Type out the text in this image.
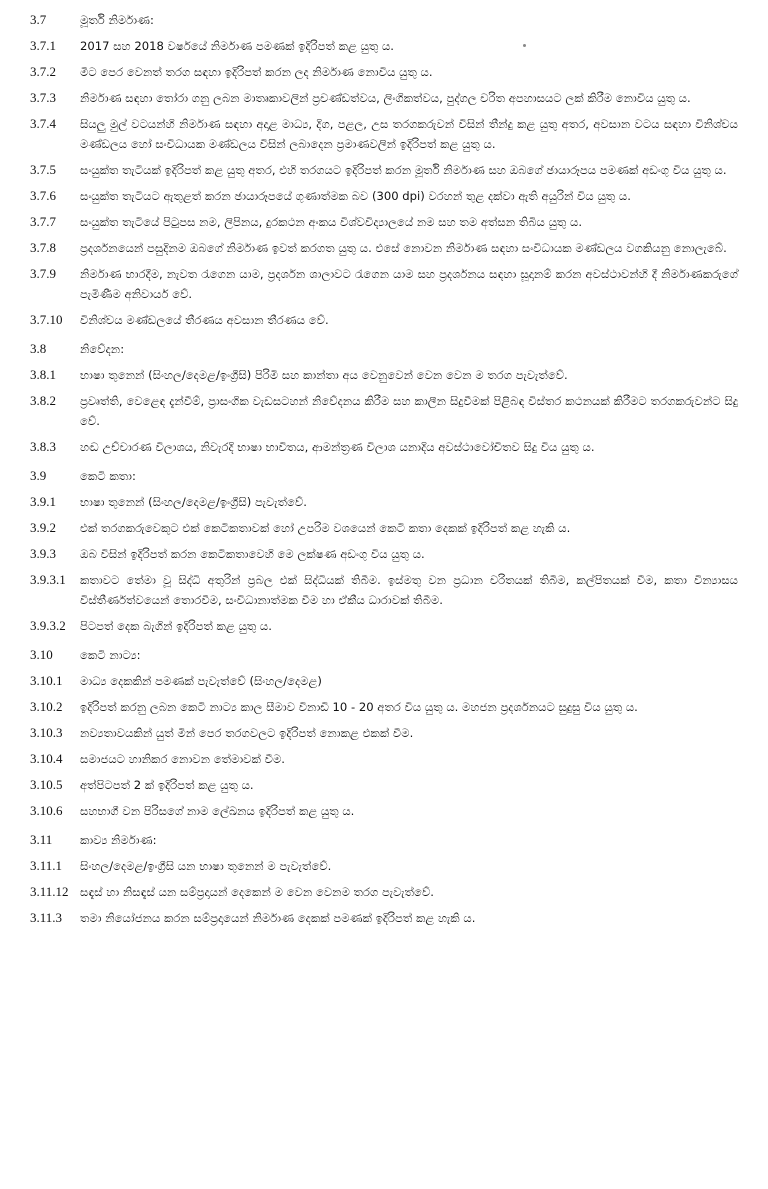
3.7	මූර්ති නිර්මාණ:
3.7.1	2017 සහ 2018 වර්ෂයේ නිර්මාණ පමණක් ඉදිරිපත් කළ යුතු ය.
3.7.2	මීට පෙර වෙනත් තරග සඳහා ඉදිරිපත් කරන ලද නිර්මාණ නොවිය යුතු ය.
3.7.3	නිර්මාණ සඳහා තෝරා ගනු ලබන මාතෘකාවලින් ප්‍රචණ්ඩත්වය, ලිංගිකත්වය, පුද්ගල චරිත අපහාසයට ලක් කිරීම නොවිය යුතු ය.
3.7.4	සියලු මුල් වටයන්හි නිර්මාණ සඳහා අදාළ මාධ්‍ය, දිග, පළල, උස තරගකරුවන් විසින් තීන්දු කළ යුතු අතර, අවසාන වටය සඳහා විනිශ්චය මණ්ඩලය හෝ සංවිධායක මණ්ඩලය විසින් ලබාදෙන ප්‍රමාණවලින් ඉදිරිපත් කළ යුතු ය.
3.7.5	සංයුක්ත තැටියක් ඉදිරිපත් කළ යුතු අතර, එහි තරගයට ඉදිරිපත් කරන මූර්ති නිර්මාණ සහ ඔබගේ ඡායාරූපය පමණක් අඩංගු විය යුතු ය.
3.7.6	සංයුක්ත තැටියට ඇතුළත් කරන ඡායාරූපයේ ගුණාත්මක බව (300 dpi) වරහන් තුළ දක්වා ඇති අයුරින් විය යුතු ය.
3.7.7	සංයුක්ත තැටියේ පිටුපස නම, ලිපිනය, දුරකථන අංකය විශ්වවිද්‍යාලයේ නම සහ තම අත්සන තිබිය යුතු ය.
3.7.8	ප්‍රදර්ශනයෙන් පසුදිනම ඔබගේ නිර්මාණ ඉවත් කරගත යුතු ය. එසේ නොවන නිර්මාණ සඳහා සංවිධායක මණ්ඩලය වගකියනු නොලැබේ.
3.7.9	නිර්මාණ භාරදීම, නැවත රැගෙන යාම, ප්‍රදර්ශන ශාලාවට රැගෙන යාම සහ ප්‍රදර්ශනය සඳහා සූදානම් කරන අවස්ථාවන්හි දී නිර්මාණකරුගේ පැමිණීම අනිවාර්ය වේ.
3.7.10	විනිශ්චය මණ්ඩලයේ තීරණය අවසාන තීරණය වේ.
3.8	නිවේදන:
3.8.1	භාෂා තුනෙන් (සිංහල/දෙමළ/ඉංග්‍රීසි) පිරිමි සහ කාන්තා අය වෙනුවෙන් වෙන වෙන ම තරග පැවැත්වේ.
3.8.2	ප්‍රවෘත්ති, වෙළෙඳ දැන්වීම්, ප්‍රාසංගික වැඩසටහන් නිවේදනය කිරීම සහ කාලීන සිදුවීමක් පිළිබඳ විස්තර කථනයක් කිරීමට තරගකරුවන්ට සිදු වේ.
3.8.3	හඬ උච්චාරණ විලාශය, නිවැරදි භාෂා භාවිතය, ආමන්ත්‍රණ විලාශ යනාදිය අවස්ථාවෝචිතව සිදු විය යුතු ය.
3.9	කෙටි කතා:
3.9.1	භාෂා තුනෙන් (සිංහල/දෙමළ/ඉංග්‍රීසි) පැවැත්වේ.
3.9.2	එක් තරගකරුවෙකුට එක් කෙටිකතාවක් හෝ උපරිම වශයෙන් කෙටි කතා දෙකක් ඉදිරිපත් කළ හැකි ය.
3.9.3	ඔබ විසින් ඉදිරිපත් කරන කෙටිකතාවෙහි මෙ ලක්ෂණ අඩංගු විය යුතු ය.
3.9.3.1	කතාවට තේමා වූ සිද්ධි අතුරින් ප්‍රබල එක් සිද්ධියක් තිබීම. ඉස්මතු වන ප්‍රධාන චරිතයක් තිබීම, කල්පිතයක් වීම, කතා වින්‍යාසය විස්තීර්ණත්වයෙන් තොරවීම, සංවිධානාත්මක වීම හා ඒකීය ධාරාවක් තිබීම.
3.9.3.2	පිටපත් දෙක බැගින් ඉදිරිපත් කළ යුතු ය.
3.10	කෙටි නාට්‍ය:
3.10.1	මාධ්‍ය දෙකකින් පමණක් පැවැත්වේ (සිංහල/දෙමළ)
3.10.2	ඉදිරිපත් කරනු ලබන කෙටි නාට්‍ය කාල සීමාව විනාඩි 10 - 20 අතර විය යුතු ය. මහජන ප්‍රදර්ශනයට සුදුසු විය යුතු ය.
3.10.3	නව්‍යතාවයකින් යුත් මින් පෙර තරගවලට ඉදිරිපත් නොකළ එකක් වීම.
3.10.4	සමාජයට හානිකර නොවන තේමාවක් වීම.
3.10.5	අත්පිටපත් 2 ක් ඉදිරිපත් කළ යුතු ය.
3.10.6	සහභාගී වන පිරිසගේ නාම ලේඛනය ඉදිරිපත් කළ යුතු ය.
3.11	කාව්‍ය නිර්මාණ:
3.11.1	සිංහල/දෙමළ/ඉංග්‍රීසි යන භාෂා තුනෙන් ම පැවැත්වේ.
3.11.12 සඳැස් හා නිසඳැස් යන සම්ප්‍රදායන් දෙකෙන් ම වෙන වෙනම තරග පැවැත්වේ.
3.11.3	තමා නියෝජනය කරන සම්ප්‍රදායෙන් නිර්මාණ දෙකක් පමණක් ඉදිරිපත් කළ හැකි ය.
